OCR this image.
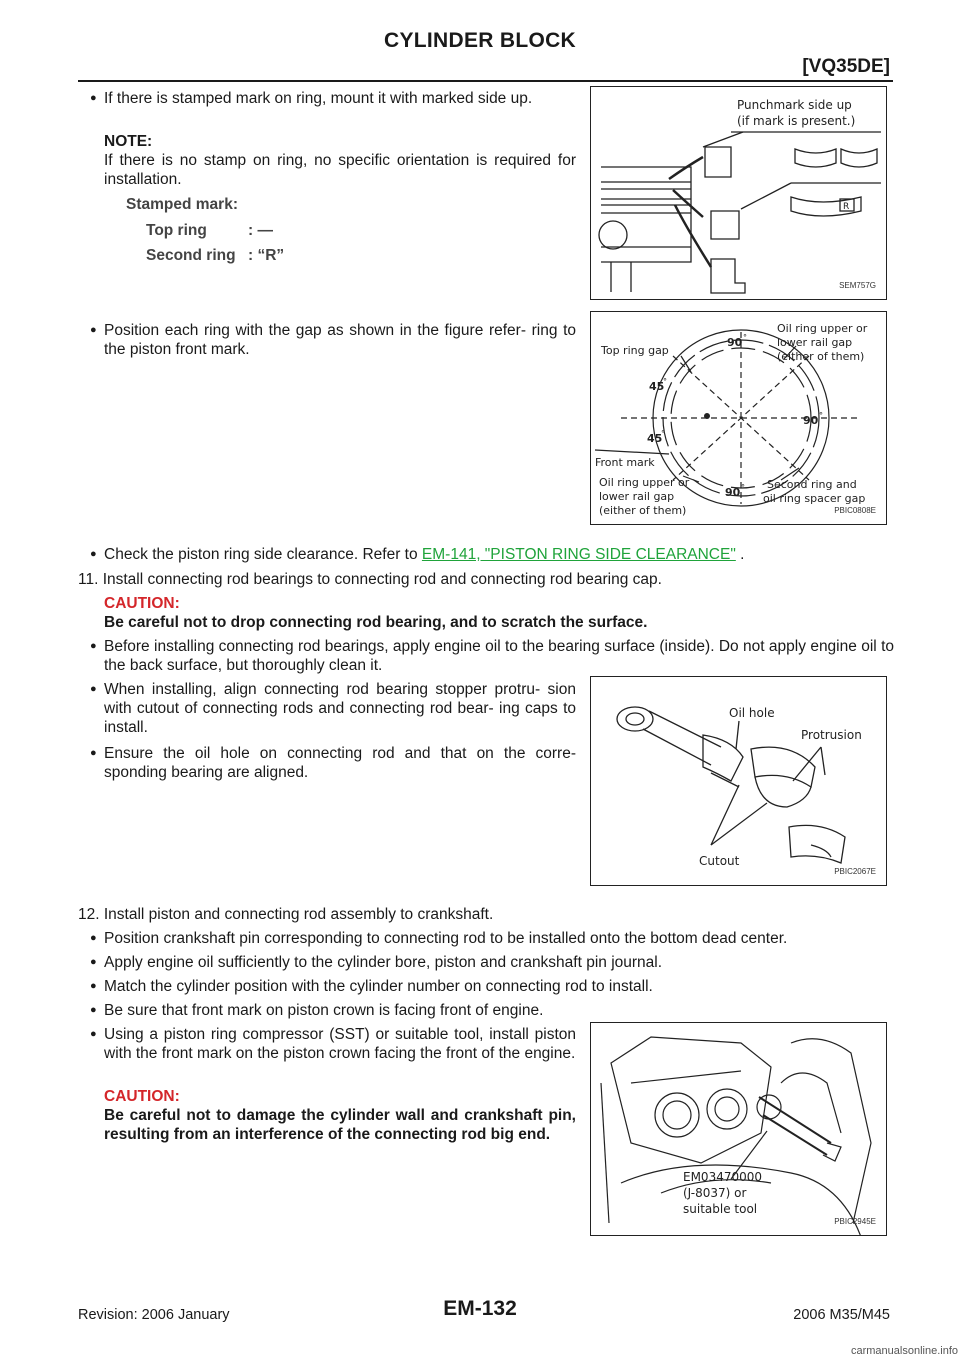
CYLINDER BLOCK
[VQ35DE]
● If there is stamped mark on ring, mount it with marked side up.
NOTE:
If there is no stamp on ring, no specific orientation is required for installation.
Stamped mark:
Top ring	: —
Second ring : “R”
Punchmark side up
(if mark is present.)
R
SEM757G
● Position each ring with the gap as shown in the figure refer- ring to the piston front mark.	Top ring gap
Oil ring upper or
lower rail gap
(either of them)
90 °
45
°
45
°
90 °
Front mark
Oil ring upper or
lower rail gap
(either of them)
90 ° Second ring and
oil ring spacer gap
PBIC0808E
● Check the piston ring side clearance. Refer to EM-141, "PISTON RING SIDE CLEARANCE" .
11. Install connecting rod bearings to connecting rod and connecting rod bearing cap.
CAUTION:
Be careful not to drop connecting rod bearing, and to scratch the surface.
● Before installing connecting rod bearings, apply engine oil to the bearing surface (inside). Do not apply engine oil to the back surface, but thoroughly clean it.
● When installing, align connecting rod bearing stopper protru- sion with cutout of connecting rods and connecting rod bear- ing caps to install.
● Ensure the oil hole on connecting rod and that on the corre- sponding bearing are aligned.
Oil hole
Protrusion
Cutout
PBIC2067E
12. Install piston and connecting rod assembly to crankshaft.
● Position crankshaft pin corresponding to connecting rod to be installed onto the bottom dead center.
● Apply engine oil sufficiently to the cylinder bore, piston and crankshaft pin journal.
● Match the cylinder position with the cylinder number on connecting rod to install.
● Be sure that front mark on piston crown is facing front of engine.
● Using a piston ring compressor (SST) or suitable tool, install piston with the front mark on the piston crown facing the front of the engine.
CAUTION:
Be careful not to damage the cylinder wall and crankshaft pin, resulting from an interference of the connecting rod big end.
EM03470000
(J-8037) or
suitable tool
PBIC2945E
Revision: 2006 January	EM-132	2006 M35/M45
carmanualsonline.info
